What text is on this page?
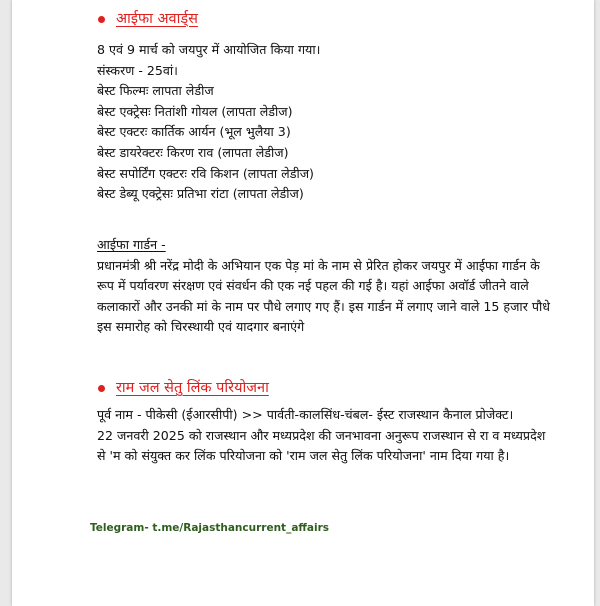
आईफा अवार्ड्स
8 एवं 9 मार्च को जयपुर में आयोजित किया गया।
संस्करण - 25वां।
बेस्ट फिल्मः लापता लेडीज
बेस्ट एक्ट्रेसः नितांशी गोयल (लापता लेडीज)
बेस्ट एक्टरः कार्तिक आर्यन (भूल भुलैया 3)
बेस्ट डायरेक्टरः किरण राव (लापता लेडीज)
बेस्ट सपोर्टिंग एक्टरः रवि किशन (लापता लेडीज)
बेस्ट डेब्यू एक्ट्रेसः प्रतिभा रांटा (लापता लेडीज)
आईफा गार्डन -
प्रधानमंत्री श्री नरेंद्र मोदी के अभियान एक पेड़ मां के नाम से प्रेरित होकर जयपुर में आईफा गार्डन के रूप में पर्यावरण संरक्षण एवं संवर्धन की एक नई पहल की गई है। यहां आईफा अवॉर्ड जीतने वाले कलाकारों और उनकी मां के नाम पर पौधे लगाए गए हैं। इस गार्डन में लगाए जाने वाले 15 हजार पौधे इस समारोह को चिरस्थायी एवं यादगार बनाएंगे
राम जल सेतु लिंक परियोजना
पूर्व नाम - पीकेसी (ईआरसीपी) >> पार्वती-कालसिंध-चंबल- ईस्ट राजस्थान कैनाल प्रोजेक्ट।
22 जनवरी 2025 को राजस्थान और मध्यप्रदेश की जनभावना अनुरूप राजस्थान से रा व मध्यप्रदेश से 'म को संयुक्त कर लिंक परियोजना को 'राम जल सेतु लिंक परियोजना' नाम दिया गया है।
Telegram- t.me/Rajasthancurrent_affairs
